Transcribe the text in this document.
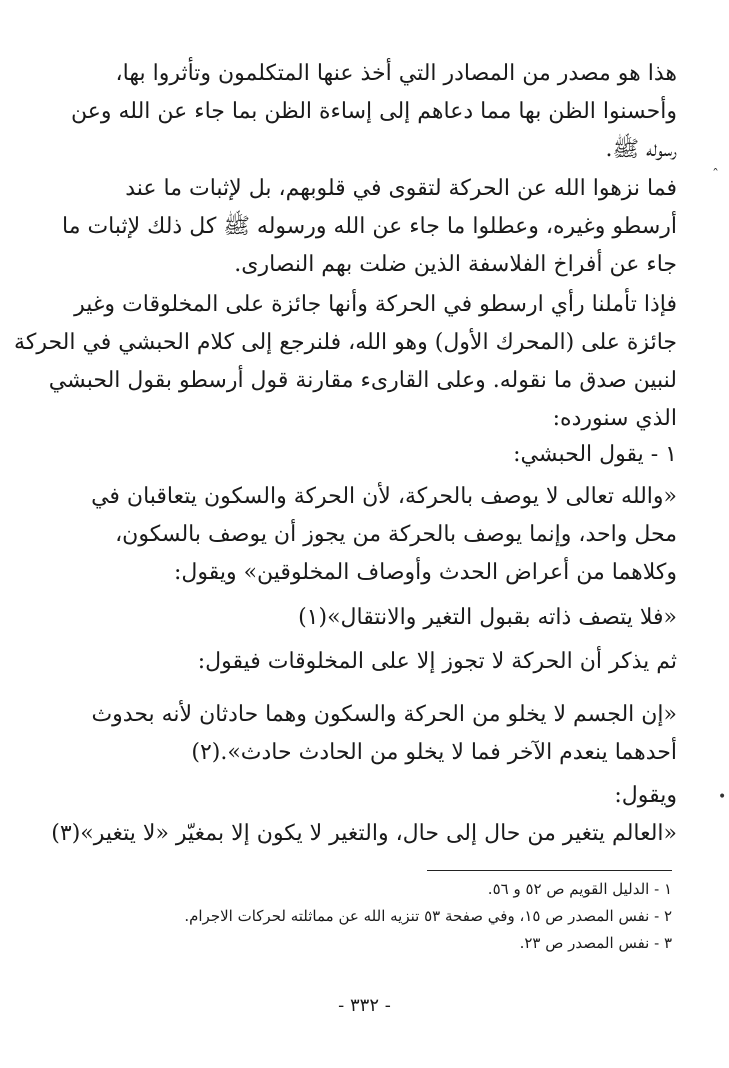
ˆ
•
هذا هو مصدر من المصادر التي أخذ عنها المتكلمون وتأثروا بها،
وأحسنوا الظن بها مما دعاهم إلى إساءة الظن بما جاء عن الله وعن
رسوله ﷺ.
فما نزهوا الله عن الحركة لتقوى في قلوبهم، بل لإثبات ما عند
أرسطو وغيره، وعطلوا ما جاء عن الله ورسوله ﷺ كل ذلك لإثبات ما
جاء عن أفراخ الفلاسفة الذين ضلت بهم النصارى.
فإذا تأملنا رأي ارسطو في الحركة وأنها جائزة على المخلوقات وغير
جائزة على (المحرك الأول) وهو الله، فلنرجع إلى كلام الحبشي في الحركة
لنبين صدق ما نقوله. وعلى القارىء مقارنة قول أرسطو بقول الحبشي
الذي سنورده:
١ - يقول الحبشي:
«والله تعالى لا يوصف بالحركة، لأن الحركة والسكون يتعاقبان في
محل واحد، وإنما يوصف بالحركة من يجوز أن يوصف بالسكون،
وكلاهما من أعراض الحدث وأوصاف المخلوقين» ويقول:
«فلا يتصف ذاته بقبول التغير والانتقال»(١)
ثم يذكر أن الحركة لا تجوز إلا على المخلوقات فيقول:
«إن الجسم لا يخلو من الحركة والسكون وهما حادثان لأنه بحدوث
أحدهما ينعدم الآخر فما لا يخلو من الحادث حادث».(٢)
ويقول:
«العالم يتغير من حال إلى حال، والتغير لا يكون إلا بمغيّر «لا يتغير»(٣)
١ - الدليل القويم ص ٥٢ و ٥٦.
٢ - نفس المصدر ص ١٥، وفي صفحة ٥٣ تنزيه الله عن مماثلته لحركات الاجرام.
٣ - نفس المصدر ص ٢٣.
- ٣٣٢ -
